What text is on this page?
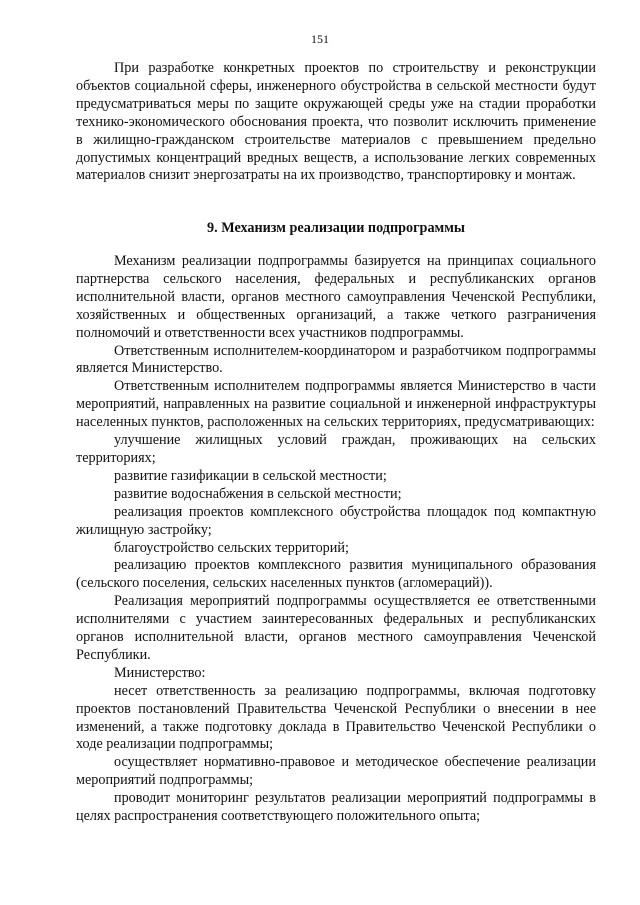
151

При разработке конкретных проектов по строительству и реконструкции объектов социальной сферы, инженерного обустройства в сельской местности будут предусматриваться меры по защите окружающей среды уже на стадии проработки технико-экономического обоснования проекта, что позволит исключить применение в жилищно-гражданском строительстве материалов с превышением предельно допустимых концентраций вредных веществ, а использование легких современных материалов снизит энергозатраты на их производство, транспортировку и монтаж.

9. Механизм реализации подпрограммы

Механизм реализации подпрограммы базируется на принципах социального партнерства сельского населения, федеральных и республиканских органов исполнительной власти, органов местного самоуправления Чеченской Республики, хозяйственных и общественных организаций, а также четкого разграничения полномочий и ответственности всех участников подпрограммы.

Ответственным исполнителем-координатором и разработчиком подпрограммы является Министерство.

Ответственным исполнителем подпрограммы является Министерство в части мероприятий, направленных на развитие социальной и инженерной инфраструктуры населенных пунктов, расположенных на сельских территориях, предусматривающих:

улучшение жилищных условий граждан, проживающих на сельских территориях;

развитие газификации в сельской местности;

развитие водоснабжения в сельской местности;

реализация проектов комплексного обустройства площадок под компактную жилищную застройку;

благоустройство сельских территорий;

реализацию проектов комплексного развития муниципального образования (сельского поселения, сельских населенных пунктов (агломераций)).

Реализация мероприятий подпрограммы осуществляется ее ответственными исполнителями с участием заинтересованных федеральных и республиканских органов исполнительной власти, органов местного самоуправления Чеченской Республики.

Министерство:

несет ответственность за реализацию подпрограммы, включая подготовку проектов постановлений Правительства Чеченской Республики о внесении в нее изменений, а также подготовку доклада в Правительство Чеченской Республики о ходе реализации подпрограммы;

осуществляет нормативно-правовое и методическое обеспечение реализации мероприятий подпрограммы;

проводит мониторинг результатов реализации мероприятий подпрограммы в целях распространения соответствующего положительного опыта;
